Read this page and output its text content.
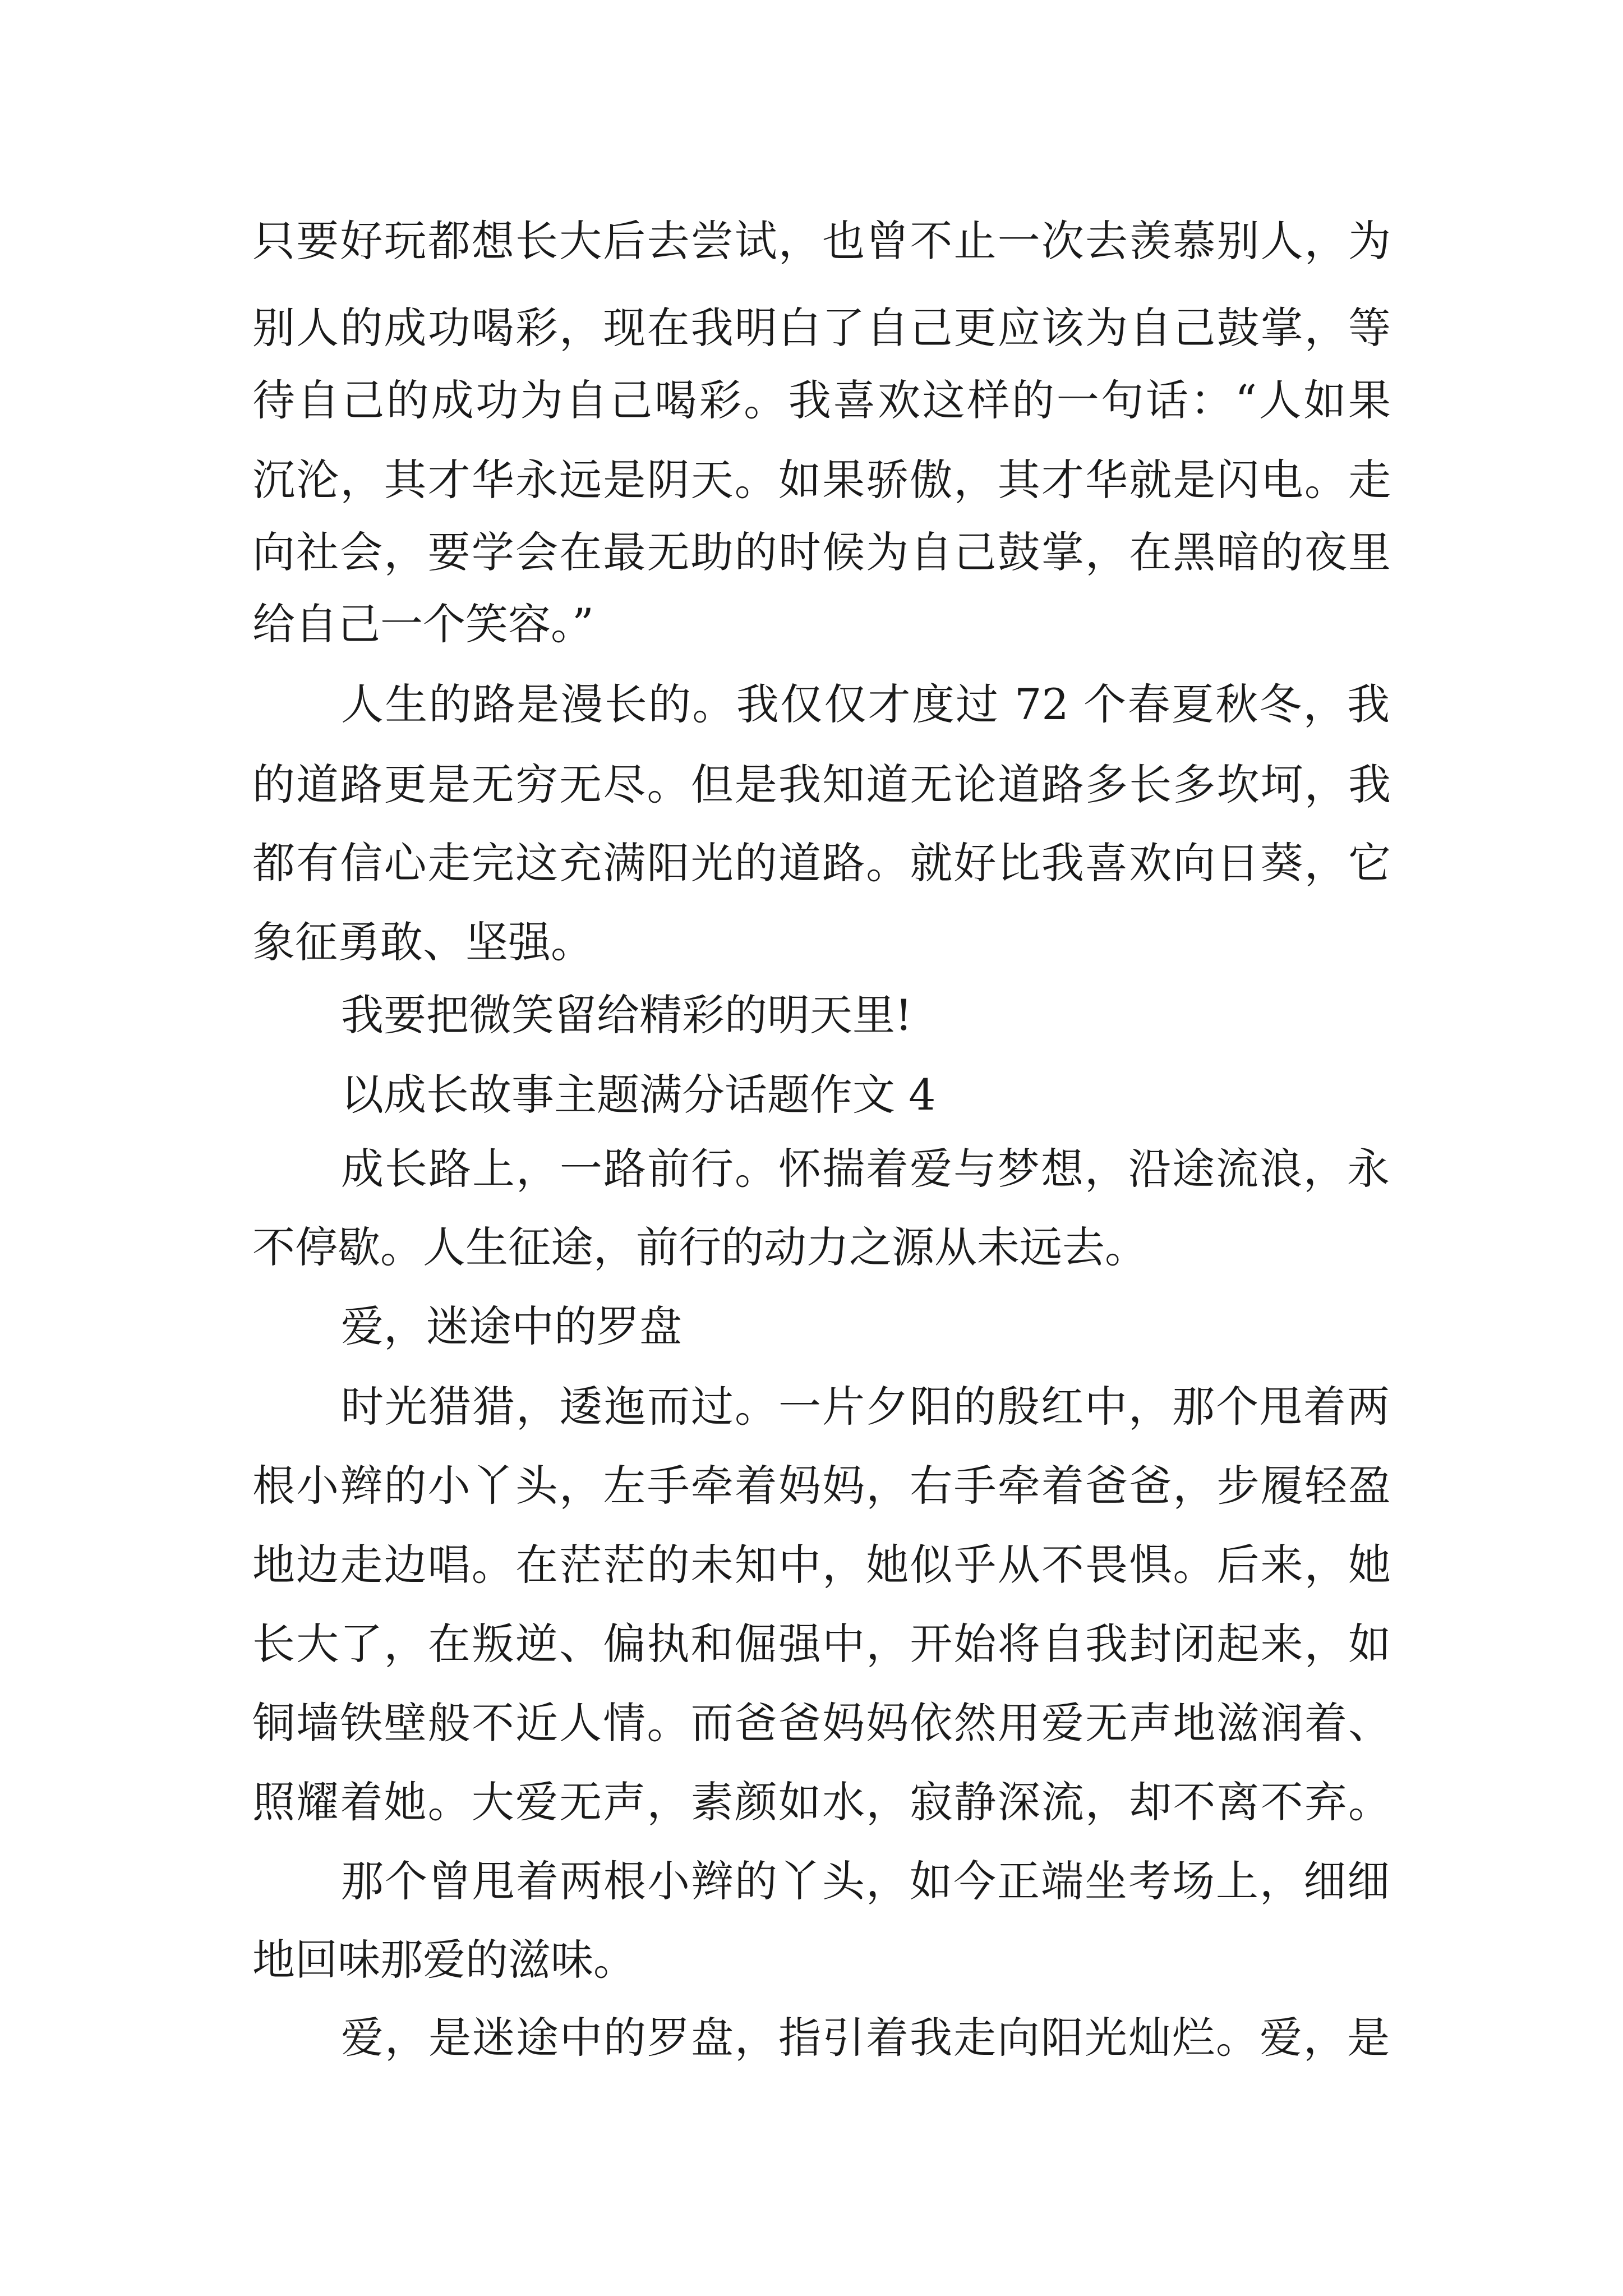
只要好玩都想长大后去尝试，也曾不止一次去羡慕别人，为

别人的成功喝彩，现在我明白了自己更应该为自己鼓掌，等

待自己的成功为自己喝彩。我喜欢这样的一句话：“人如果

沉沦，其才华永远是阴天。如果骄傲，其才华就是闪电。走

向社会，要学会在最无助的时候为自己鼓掌，在黑暗的夜里

给自己一个笑容。”

人生的路是漫长的。我仅仅才度过 72 个春夏秋冬，我

的道路更是无穷无尽。但是我知道无论道路多长多坎坷，我

都有信心走完这充满阳光的道路。就好比我喜欢向日葵，它

象征勇敢、坚强。

我要把微笑留给精彩的明天里!

以成长故事主题满分话题作文 4

成长路上，一路前行。怀揣着爱与梦想，沿途流浪，永

不停歇。人生征途，前行的动力之源从未远去。

爱，迷途中的罗盘

时光猎猎，逶迤而过。一片夕阳的殷红中，那个甩着两

根小辫的小丫头，左手牵着妈妈，右手牵着爸爸，步履轻盈

地边走边唱。在茫茫的未知中，她似乎从不畏惧。后来，她

长大了，在叛逆、偏执和倔强中，开始将自我封闭起来，如

铜墙铁壁般不近人情。而爸爸妈妈依然用爱无声地滋润着、

照耀着她。大爱无声，素颜如水，寂静深流，却不离不弃。

那个曾甩着两根小辫的丫头，如今正端坐考场上，细细

地回味那爱的滋味。

爱，是迷途中的罗盘，指引着我走向阳光灿烂。爱，是
